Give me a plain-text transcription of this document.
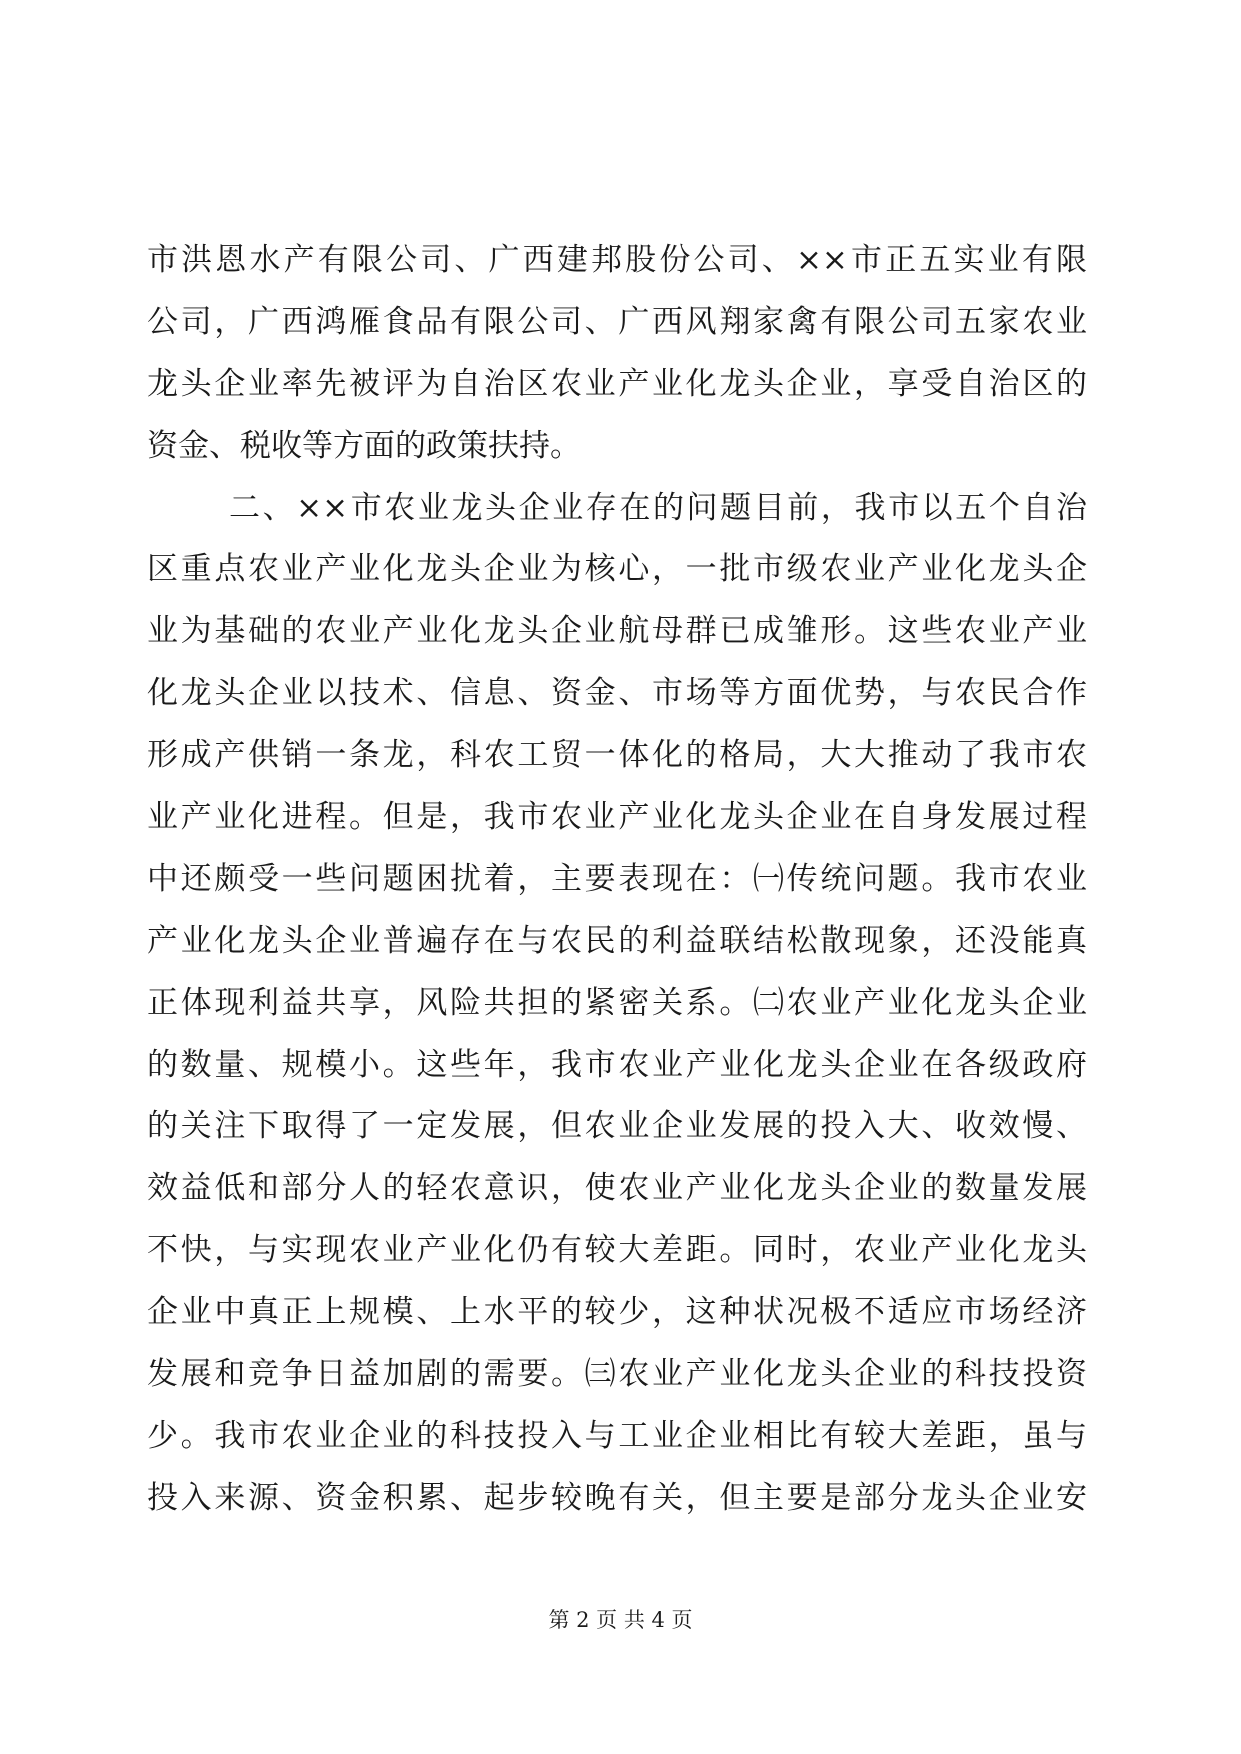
市洪恩水产有限公司、广西建邦股份公司、××市正五实业有限
公司，广西鸿雁食品有限公司、广西风翔家禽有限公司五家农业
龙头企业率先被评为自治区农业产业化龙头企业，享受自治区的
资金、税收等方面的政策扶持。
二、××市农业龙头企业存在的问题目前，我市以五个自治
区重点农业产业化龙头企业为核心，一批市级农业产业化龙头企
业为基础的农业产业化龙头企业航母群已成雏形。这些农业产业
化龙头企业以技术、信息、资金、市场等方面优势，与农民合作
形成产供销一条龙，科农工贸一体化的格局，大大推动了我市农
业产业化进程。但是，我市农业产业化龙头企业在自身发展过程
中还颇受一些问题困扰着，主要表现在：㈠传统问题。我市农业
产业化龙头企业普遍存在与农民的利益联结松散现象，还没能真
正体现利益共享，风险共担的紧密关系。㈡农业产业化龙头企业
的数量、规模小。这些年，我市农业产业化龙头企业在各级政府
的关注下取得了一定发展，但农业企业发展的投入大、收效慢、
效益低和部分人的轻农意识，使农业产业化龙头企业的数量发展
不快，与实现农业产业化仍有较大差距。同时，农业产业化龙头
企业中真正上规模、上水平的较少，这种状况极不适应市场经济
发展和竞争日益加剧的需要。㈢农业产业化龙头企业的科技投资
少。我市农业企业的科技投入与工业企业相比有较大差距，虽与
投入来源、资金积累、起步较晚有关，但主要是部分龙头企业安
第 2 页 共 4 页
